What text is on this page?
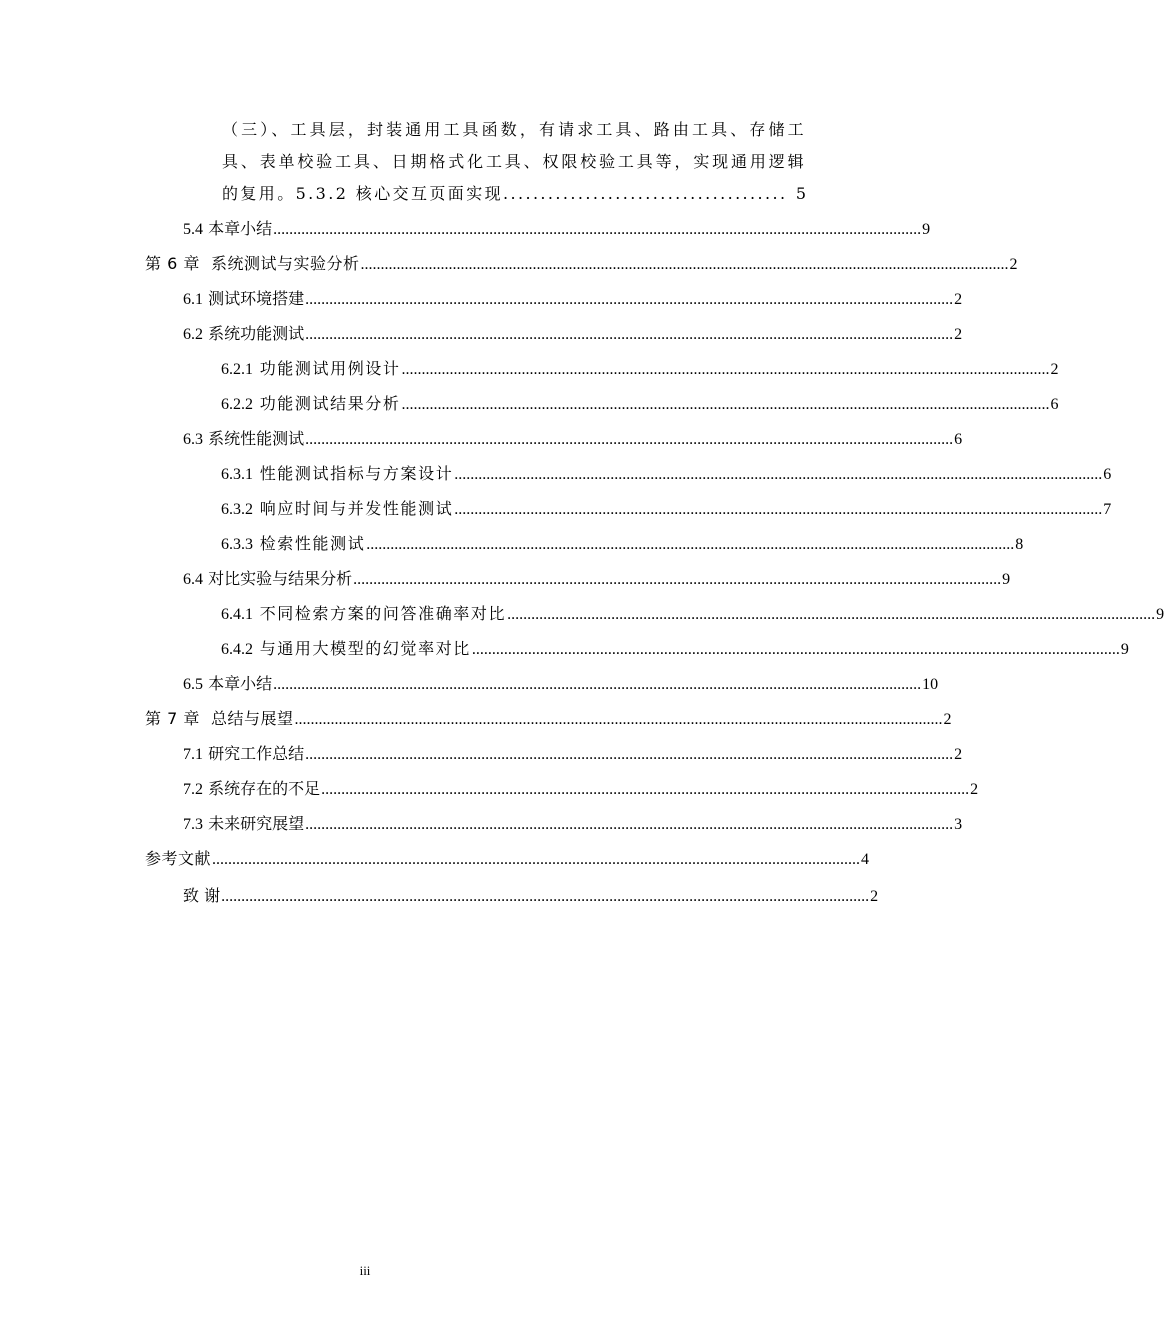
（三）、工具层，封装通用工具函数，有请求工具、路由工具、存储工具、表单校验工具、日期格式化工具、权限校验工具等，实现通用逻辑的复用。5.3.2 核心交互页面实现...................................... 5
5.4 本章小结 .................................................................................................................................................................. 9
第 6 章 系统测试与实验分析 .................................................................................................................................................................. 2
6.1 测试环境搭建 .................................................................................................................................................................. 2
6.2 系统功能测试 .................................................................................................................................................................. 2
6.2.1 功能测试用例设计 .................................................................................................................................................................. 2
6.2.2 功能测试结果分析 .................................................................................................................................................................. 6
6.3 系统性能测试 .................................................................................................................................................................. 6
6.3.1 性能测试指标与方案设计 .................................................................................................................................................................. 6
6.3.2 响应时间与并发性能测试 .................................................................................................................................................................. 7
6.3.3 检索性能测试 .................................................................................................................................................................. 8
6.4 对比实验与结果分析 .................................................................................................................................................................. 9
6.4.1 不同检索方案的问答准确率对比 .................................................................................................................................................................. 9
6.4.2 与通用大模型的幻觉率对比 .................................................................................................................................................................. 9
6.5 本章小结 .................................................................................................................................................................. 10
第 7 章 总结与展望 .................................................................................................................................................................. 2
7.1 研究工作总结 .................................................................................................................................................................. 2
7.2 系统存在的不足 .................................................................................................................................................................. 2
7.3 未来研究展望 .................................................................................................................................................................. 3
参考文献 .................................................................................................................................................................. 4
致 谢 .................................................................................................................................................................. 2
iii
